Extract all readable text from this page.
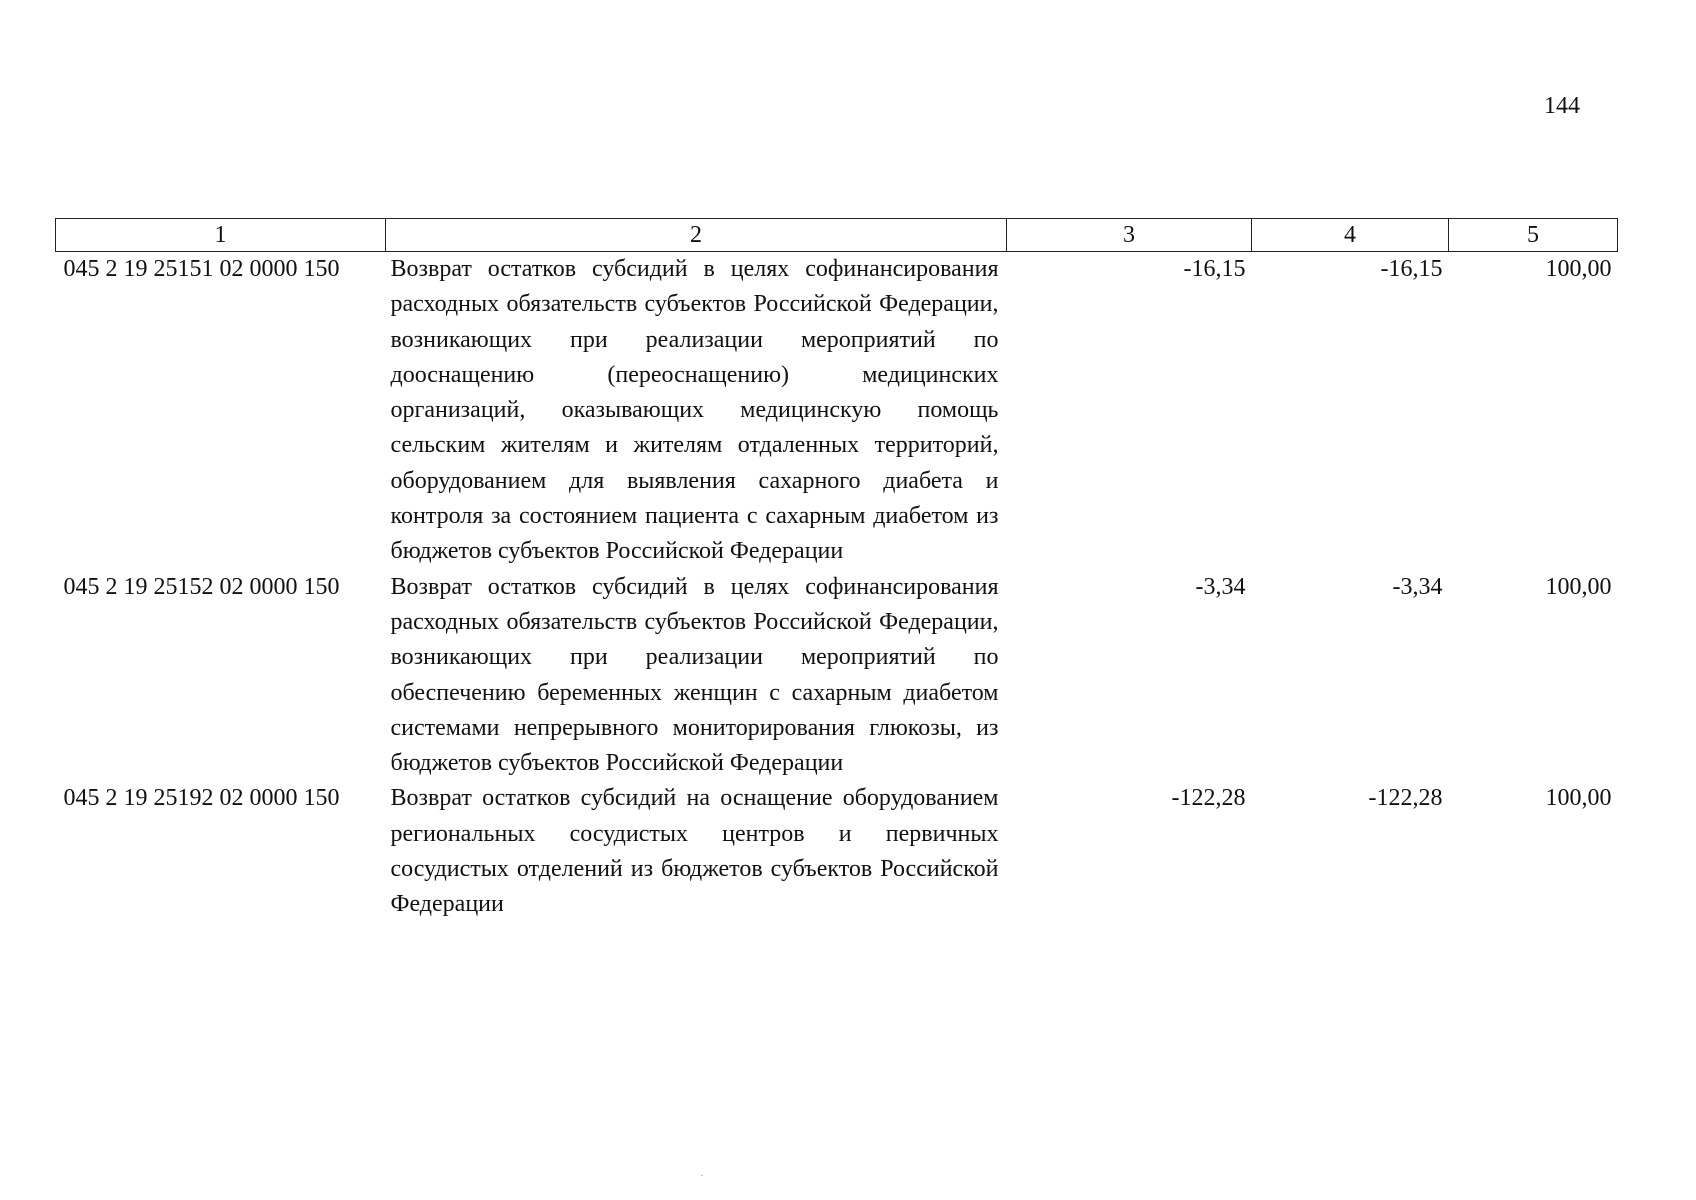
144
1	2	3	4	5
045 2 19 25151 02 0000 150	Возврат остатков субсидий в целях софинансирования расходных обязательств субъектов Российской Федерации, возникающих при реализации мероприятий по дооснащению (переоснащению) медицинских организаций, оказывающих медицинскую помощь сельским жителям и жителям отдаленных территорий, оборудованием для выявления сахарного диабета и контроля за состоянием пациента с сахарным диабетом из бюджетов субъектов Российской Федерации	-16,15	-16,15	100,00
045 2 19 25152 02 0000 150	Возврат остатков субсидий в целях софинансирования расходных обязательств субъектов Российской Федерации, возникающих при реализации мероприятий по обеспечению беременных женщин с сахарным диабетом системами непрерывного мониторирования глюкозы, из бюджетов субъектов Российской Федерации	-3,34	-3,34	100,00
045 2 19 25192 02 0000 150	Возврат остатков субсидий на оснащение оборудованием региональных сосудистых центров и первичных сосудистых отделений из бюджетов субъектов Российской Федерации	-122,28	-122,28	100,00
·
